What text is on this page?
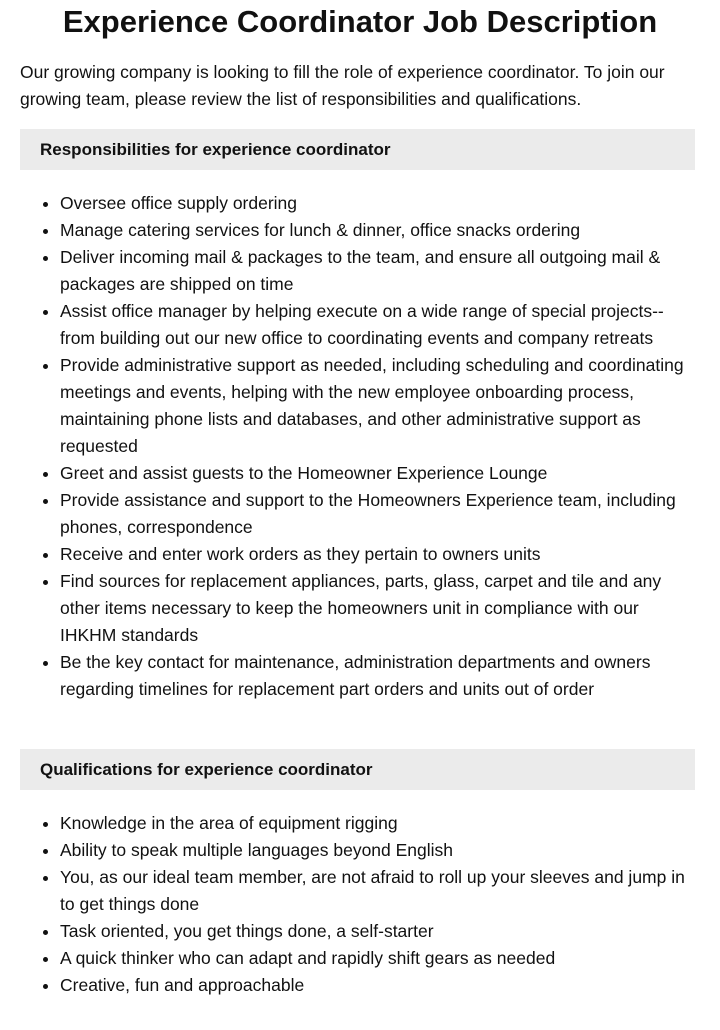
Experience Coordinator Job Description

Our growing company is looking to fill the role of experience coordinator. To join our growing team, please review the list of responsibilities and qualifications.

Responsibilities for experience coordinator
• Oversee office supply ordering
• Manage catering services for lunch & dinner, office snacks ordering
• Deliver incoming mail & packages to the team, and ensure all outgoing mail & packages are shipped on time
• Assist office manager by helping execute on a wide range of special projects--from building out our new office to coordinating events and company retreats
• Provide administrative support as needed, including scheduling and coordinating meetings and events, helping with the new employee onboarding process, maintaining phone lists and databases, and other administrative support as requested
• Greet and assist guests to the Homeowner Experience Lounge
• Provide assistance and support to the Homeowners Experience team, including phones, correspondence
• Receive and enter work orders as they pertain to owners units
• Find sources for replacement appliances, parts, glass, carpet and tile and any other items necessary to keep the homeowners unit in compliance with our IHKHM standards
• Be the key contact for maintenance, administration departments and owners regarding timelines for replacement part orders and units out of order
Qualifications for experience coordinator
• Knowledge in the area of equipment rigging
• Ability to speak multiple languages beyond English
• You, as our ideal team member, are not afraid to roll up your sleeves and jump in to get things done
• Task oriented, you get things done, a self-starter
• A quick thinker who can adapt and rapidly shift gears as needed
• Creative, fun and approachable
